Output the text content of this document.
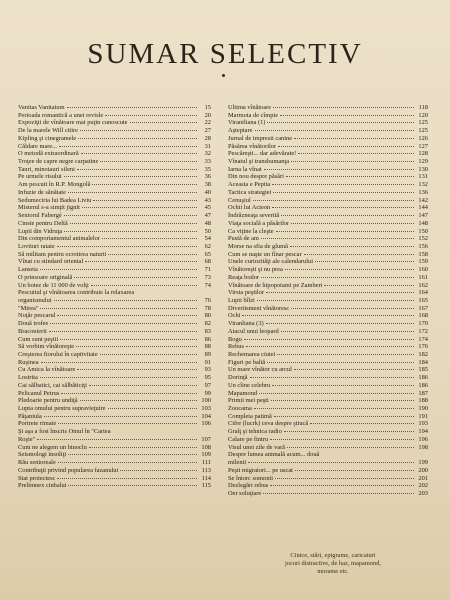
SUMAR SELECTIV
Vanitas Vanitatum	15
Perioada romantică a unei revisle	20
Expoziţii de vînătoare mai puţin cunoscute	22
De la marele Will citire	27
Kipling şi cinegramele	28
Căldare mare...	31
O metodă extraordinară	32
Troţee de capre negre carpatine	33
Tauri, minotauri sileni	35
Pe urmele risului	36
Am pescuit în R.P. Mongolă	38
Infuzie de sănătate	40
Sedumeciria lui Badea Liviu	43
Misterul s-a simţit jignit	45
Seniorul Fabergé	47
Cinste pentru Deltă	48
Lupii din Vidruţa	50
Din comportamentul animalelor	54
Lovituri ratate	62
Să militam pentru ocrotirea naturii	65
Vînat cu stindard oriental	68
Lanseta	71
O prinsoare originală	73
Un botez de 11 000 de volţi	74
Pescuitul şi vînătoarea contribuie la relaxarea
organismului	76
"Mirea"	78
Noţăr pescarul	80
Două trofee	82
Braconierii	83
Cum sunt peştii	86
Să vorbim vînătoreşte	88
Creşterea fiorului în captivitate	89
Ruşinea	91
Cu Amica la vînătoare	93
Lostrita	95
Cai sălbatici, cai sălbăticiţi	97
Pelicanul Petrus	99
Pledoarie pentru undiţă	100
Lupta omului pentru supravieţuire	103
Păţaniula	104
Portrete rimate	106
Şi aşa a fost înscris Omul în "Cartea
Roşie"	107
Cum ne alegem un binoclu	108
Seismologi insoliţi	109
Rău senioreale	111
Contribuţii privind popularea fazanului	113
Stat proiectesc	114
Prelimnex cinbalui	115
Ultima vînătoare	118
Marmota de cîmpie	120
Viraniliana (1)	125
Aşteptare	125
Jurnal de impresii canine	126
Păsărea vînătorilor	127
Pescăreşti... dar adevărate!	128
Vînatul şi transhumanţa	129
Iarna la vînat	130
Din nou despre păsări	131
Aceasta e Pepita	132
Tactica strategiei	136
Cenuşiul	142
Ochii lui Acteon	144
Îndrăzneaţa severită	147
Viaţa socială a păsărilor	148
Ca viţine la cleşte	150
Pustă de am	152
Morse na sfia de glumă	156
Cum se naşte un fînar pescar	158
Unele curiozităţi ale calendarului	159
Vînătoreşti şi nu prea	160
Reaţa bodor	161
Vînătoare de hipopotami pe Zamberi	162
Virsta peştilor	164
Lupii bîlzi	165
Divertisment vînătoresc	167
Ochi	168
Viranliana (3)	170
Atacul unui leopard	172
Bogu	174
Rebus	176
Rechemarea ciutei	182
Figuri pe baltă	184
Un mare vînător cu arcul	185
Dorinţă	186
Un cîine celebru	186
Mapamond	187
Primii mei peşti	188
Zoocama	190
Completa patimă	191
Cifre (lucrk) ceva despre ştiucă	193
Gralţ şi tehnica radio	194
Calare pe fintru	196
Visul unei zile de vară	198
Despre lumea animală acum... două
milenii	199
Peşti migratori... pe uscat	200
Se întorc somonii	201
Dezlegări rebus	202
Oer soluţiare	203
Cinice, stări, epigrame, caricaturi
jocuri distractive, de haz, mapamond,
morame etc.
